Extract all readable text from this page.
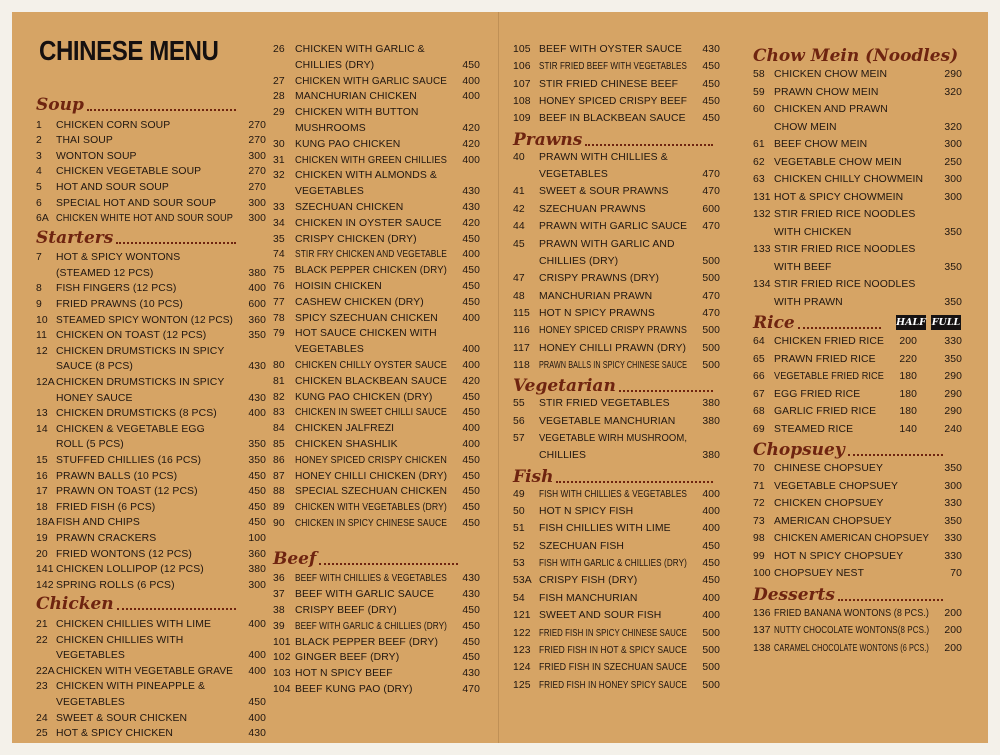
CHINESE MENU
Soup
1 CHICKEN CORN SOUP	270
2 THAI SOUP	270
3 WONTON SOUP	300
4 CHICKEN VEGETABLE SOUP	270
5 HOT AND SOUR SOUP	270
6 SPECIAL HOT AND SOUR SOUP	300
6A CHICKEN WHITE HOT AND SOUR SOUP	300
Starters
7 HOT & SPICY WONTONS
(STEAMED 12 PCS)	380
8 FISH FINGERS (12 PCS)	400
9 FRIED PRAWNS (10 PCS)	600
10 STEAMED SPICY WONTON (12 PCS)	360
11 CHICKEN ON TOAST (12 PCS)	350
12 CHICKEN DRUMSTICKS IN SPICY
SAUCE (8 PCS)	430
12A CHICKEN DRUMSTICKS IN SPICY
HONEY SAUCE	430
13 CHICKEN DRUMSTICKS (8 PCS)	400
14 CHICKEN & VEGETABLE EGG
ROLL (5 PCS)	350
15 STUFFED CHILLIES (16 PCS)	350
16 PRAWN BALLS (10 PCS)	450
17 PRAWN ON TOAST (12 PCS)	450
18 FRIED FISH (6 PCS)	450
18A FISH AND CHIPS	450
19 PRAWN CRACKERS	100
20 FRIED WONTONS (12 PCS)	360
141 CHICKEN LOLLIPOP (12 PCS)	380
142 SPRING ROLLS (6 PCS)	300
Chicken
21 CHICKEN CHILLIES WITH LIME	400
22 CHICKEN CHILLIES WITH
VEGETABLES	400
22A CHICKEN WITH VEGETABLE GRAVE	400
23 CHICKEN WITH PINEAPPLE &
VEGETABLES	450
24 SWEET & SOUR CHICKEN	400
25 HOT & SPICY CHICKEN	430
26 CHICKEN WITH GARLIC &
CHILLIES (DRY)	450
27 CHICKEN WITH GARLIC SAUCE	400
28 MANCHURIAN CHICKEN	400
29 CHICKEN WITH BUTTON
MUSHROOMS	420
30 KUNG PAO CHICKEN	420
31 CHICKEN WITH GREEN CHILLIES	400
32 CHICKEN WITH ALMONDS &
VEGETABLES	430
33 SZECHUAN CHICKEN	430
34 CHICKEN IN OYSTER SAUCE	420
35 CRISPY CHICKEN (DRY)	450
74 STIR FRY CHICKEN AND VEGETABLE	400
75 BLACK PEPPER CHICKEN (DRY)	450
76 HOISIN CHICKEN	450
77 CASHEW CHICKEN (DRY)	450
78 SPICY SZECHUAN CHICKEN	400
79 HOT SAUCE CHICKEN WITH
VEGETABLES	400
80 CHICKEN CHILLY OYSTER SAUCE	400
81 CHICKEN BLACKBEAN SAUCE	420
82 KUNG PAO CHICKEN (DRY)	450
83 CHICKEN IN SWEET CHILLI SAUCE	450
84 CHICKEN JALFREZI	400
85 CHICKEN SHASHLIK	400
86 HONEY SPICED CRISPY CHICKEN	450
87 HONEY CHILLI CHICKEN (DRY)	450
88 SPECIAL SZECHUAN CHICKEN	450
89 CHICKEN WITH VEGETABLES (DRY)	450
90 CHICKEN IN SPICY CHINESE SAUCE	450
Beef
36 BEEF WITH CHILLIES & VEGETABLES	430
37 BEEF WITH GARLIC SAUCE	430
38 CRISPY BEEF (DRY)	450
39 BEEF WITH GARLIC & CHILLIES (DRY)	450
101 BLACK PEPPER BEEF (DRY)	450
102 GINGER BEEF (DRY)	450
103 HOT N SPICY BEEF	430
104 BEEF KUNG PAO (DRY)	470
105 BEEF WITH OYSTER SAUCE	430
106 STIR FRIED BEEF WITH VEGETABLES	450
107 STIR FRIED CHINESE BEEF	450
108 HONEY SPICED CRISPY BEEF	450
109 BEEF IN BLACKBEAN SAUCE	450
Prawns
40 PRAWN WITH CHILLIES &
VEGETABLES	470
41 SWEET & SOUR PRAWNS	470
42 SZECHUAN PRAWNS	600
44 PRAWN WITH GARLIC SAUCE	470
45 PRAWN WITH GARLIC AND
CHILLIES (DRY)	500
47 CRISPY PRAWNS (DRY)	500
48 MANCHURIAN PRAWN	470
115 HOT N SPICY PRAWNS	470
116 HONEY SPICED CRISPY PRAWNS	500
117 HONEY CHILLI PRAWN (DRY)	500
118 PRAWN BALLS IN SPICY CHINESE SAUCE	500
Vegetarian
55 STIR FRIED VEGETABLES	380
56 VEGETABLE MANCHURIAN	380
57 VEGETABLE WIRH MUSHROOM,
CHILLIES	380
Fish
49 FISH WITH CHILLIES & VEGETABLES	400
50 HOT N SPICY FISH	400
51 FISH CHILLIES WITH LIME	400
52 SZECHUAN FISH	450
53 FISH WITH GARLIC & CHILLIES (DRY)	450
53A CRISPY FISH (DRY)	450
54 FISH MANCHURIAN	400
121 SWEET AND SOUR FISH	400
122 FRIED FISH IN SPICY CHINESE SAUCE	500
123 FRIED FISH IN HOT & SPICY SAUCE	500
124 FRIED FISH IN SZECHUAN SAUCE	500
125 FRIED FISH IN HONEY SPICY SAUCE	500
Chow Mein (Noodles)
58 CHICKEN CHOW MEIN	290
59 PRAWN CHOW MEIN	320
60 CHICKEN AND PRAWN
CHOW MEIN	320
61 BEEF CHOW MEIN	300
62 VEGETABLE CHOW MEIN	250
63 CHICKEN CHILLY CHOWMEIN	300
131 HOT & SPICY CHOWMEIN	300
132 STIR FRIED RICE NOODLES
WITH CHICKEN	350
133 STIR FRIED RICE NOODLES
WITH BEEF	350
134 STIR FRIED RICE NOODLES
WITH PRAWN	350
Rice	HALF FULL
64 CHICKEN FRIED RICE	200	330
65 PRAWN FRIED RICE	220	350
66 VEGETABLE FRIED RICE	180	290
67 EGG FRIED RICE	180	290
68 GARLIC FRIED RICE	180	290
69 STEAMED RICE	140	240
Chopsuey
70 CHINESE CHOPSUEY	350
71 VEGETABLE CHOPSUEY	300
72 CHICKEN CHOPSUEY	330
73 AMERICAN CHOPSUEY	350
98 CHICKEN AMERICAN CHOPSUEY	330
99 HOT N SPICY CHOPSUEY	330
100 CHOPSUEY NEST	70
Desserts
136 FRIED BANANA WONTONS (8 PCS.)	200
137 NUTTY CHOCOLATE WONTONS(8 PCS.)	200
138 CARAMEL CHOCOLATE WONTONS (6 PCS.)	200
